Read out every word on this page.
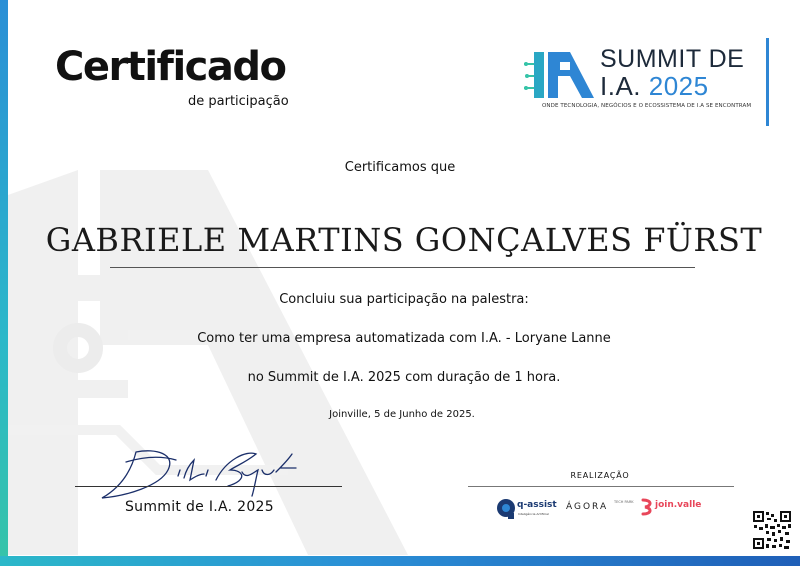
Certificado
de participação
SUMMIT DE
I.A. 2025
ONDE TECNOLOGIA, NEGÓCIOS E O ECOSSISTEMA DE I.A SE ENCONTRAM
Certificamos que
GABRIELE MARTINS GONÇALVES FÜRST
Concluiu sua participação na palestra:
Como ter uma empresa automatizada com I.A. - Loryane Lanne
no Summit de I.A. 2025 com duração de 1 hora.
Joinville, 5 de Junho de 2025.
Summit de I.A. 2025
REALIZAÇÃO
q-assist
Inteligência Artificial
ÁGORA TECH PARK join.valle
